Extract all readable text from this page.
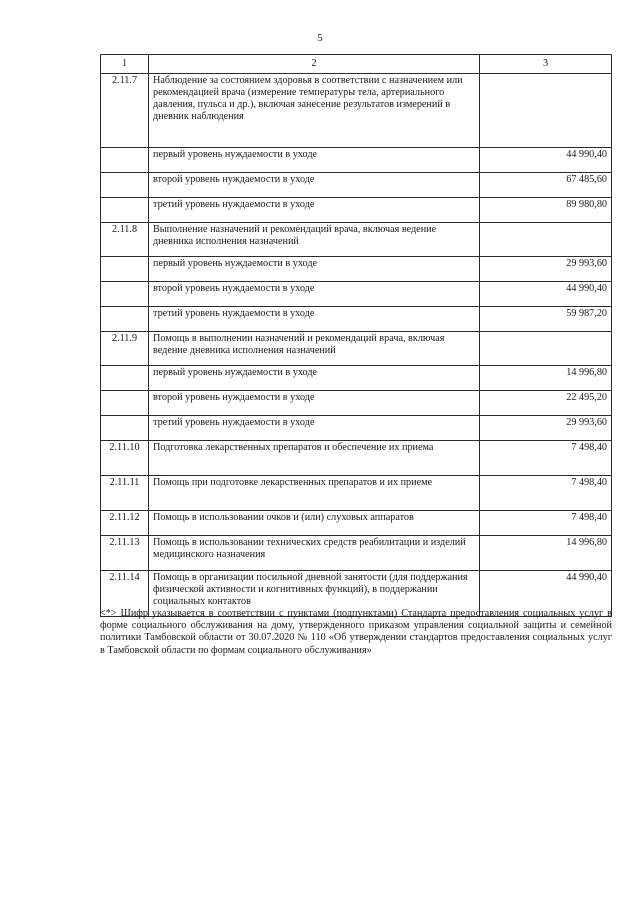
5
1	2	3
2.11.7	Наблюдение за состоянием здоровья в соответствии с назначением или рекомендацией врача (измерение температуры тела, артериального давления, пульса и др.), включая занесение результатов измерений в дневник наблюдения	
	первый уровень нуждаемости в уходе	44 990,40
	второй уровень нуждаемости в уходе	67 485,60
	третий уровень нуждаемости в уходе	89 980,80
2.11.8	Выполнение назначений и рекомендаций врача, включая ведение дневника исполнения назначений	
	первый уровень нуждаемости в уходе	29 993,60
	второй уровень нуждаемости в уходе	44 990,40
	третий уровень нуждаемости в уходе	59 987,20
2.11.9	Помощь в выполнении назначений и рекомендаций врача, включая ведение дневника исполнения назначений	
	первый уровень нуждаемости в уходе	14 996,80
	второй уровень нуждаемости в уходе	22 495,20
	третий уровень нуждаемости в уходе	29 993,60
2.11.10	Подготовка лекарственных препаратов и обеспечение их приема	7 498,40
2.11.11	Помощь при подготовке лекарственных препаратов и их приеме	7 498,40
2.11.12	Помощь в использовании очков и (или) слуховых аппаратов	7 498,40
2.11.13	Помощь в использовании технических средств реабилитации и изделий медицинского назначения	14 996,80
2.11.14	Помощь в организации посильной дневной занятости (для поддержания физической активности и когнитивных функций), в поддержании социальных контактов	44 990,40
<*> Шифр указывается в соответствии с пунктами (подпунктами) Стандарта предоставления социальных услуг в форме социального обслуживания на дому, утвержденного приказом управления социальной защиты и семейной политики Тамбовской области от 30.07.2020 № 110 «Об утверждении стандартов предоставления социальных услуг в Тамбовской области по формам социального обслуживания»
